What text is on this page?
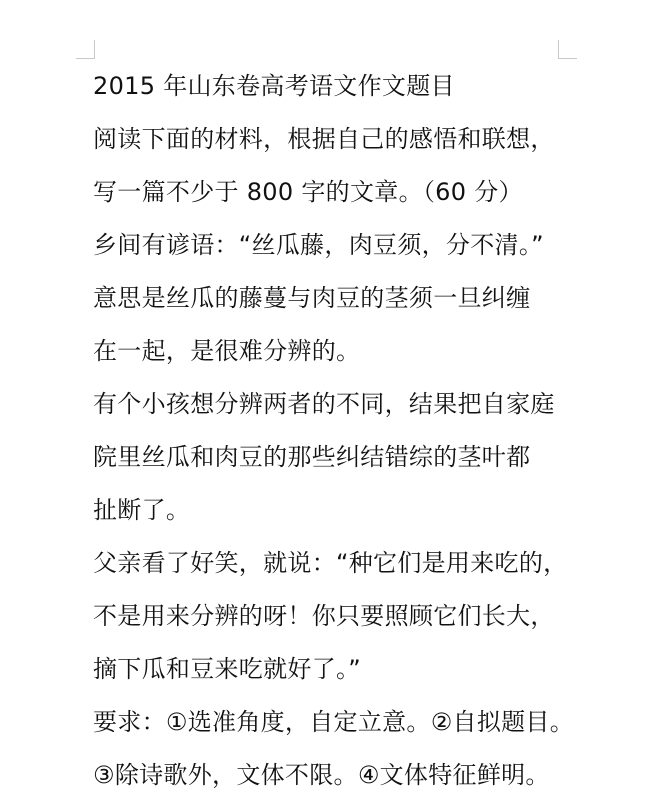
2015 年山东卷高考语文作文题目
阅读下面的材料，根据自己的感悟和联想，
写一篇不少于 800 字的文章。（60 分）
乡间有谚语：“丝瓜藤，肉豆须，分不清。”
意思是丝瓜的藤蔓与肉豆的茎须一旦纠缠
在一起，是很难分辨的。
有个小孩想分辨两者的不同，结果把自家庭
院里丝瓜和肉豆的那些纠结错综的茎叶都
扯断了。
父亲看了好笑，就说：“种它们是用来吃的，
不是用来分辨的呀！你只要照顾它们长大，
摘下瓜和豆来吃就好了。”
要求：①选准角度，自定立意。②自拟题目。
③除诗歌外，文体不限。④文体特征鲜明。
